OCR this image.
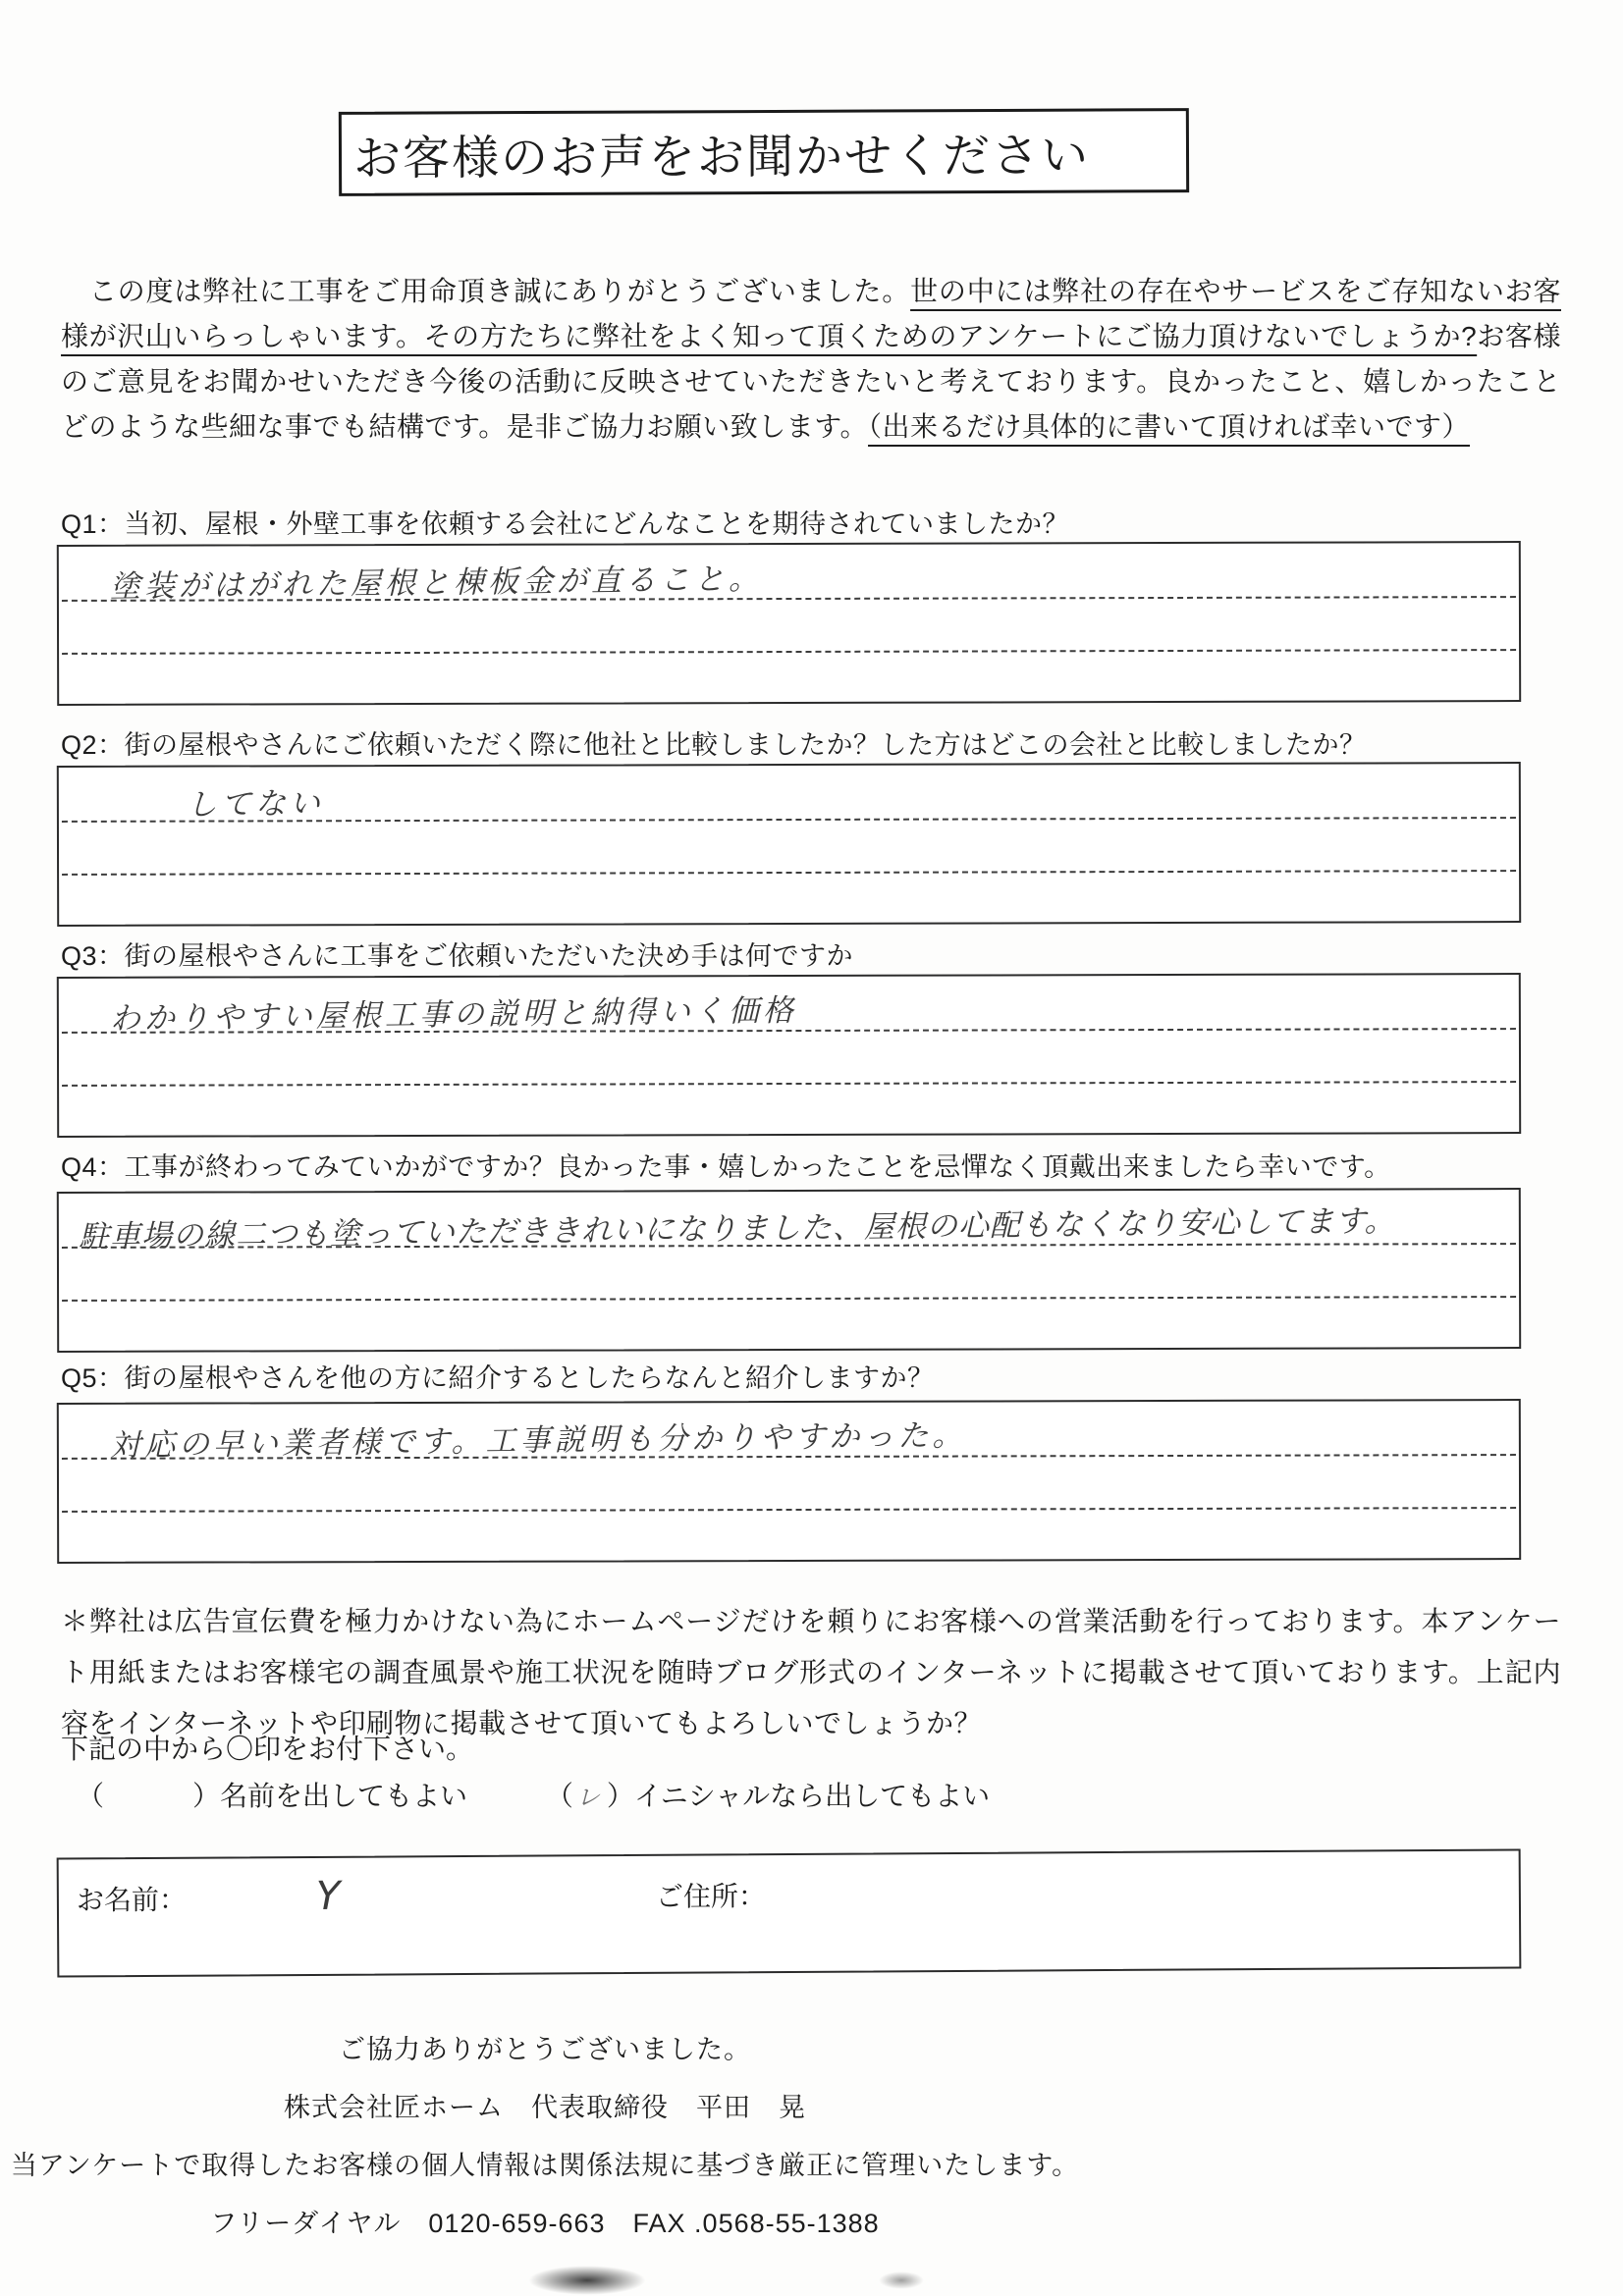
お客様のお声をお聞かせください

　この度は弊社に工事をご用命頂き誠にありがとうございました。世の中には弊社の存在やサービスをご存知ないお客様が沢山いらっしゃいます。その方たちに弊社をよく知って頂くためのアンケートにご協力頂けないでしょうか?お客様のご意見をお聞かせいただき今後の活動に反映させていただきたいと考えております。良かったこと、嬉しかったことどのような些細な事でも結構です。是非ご協力お願い致します。（出来るだけ具体的に書いて頂ければ幸いです）

Q1：当初、屋根・外壁工事を依頼する会社にどんなことを期待されていましたか？
塗装がはがれた屋根と棟板金が直ること。
Q2：街の屋根やさんにご依頼いただく際に他社と比較しましたか？した方はどこの会社と比較しましたか？
してない
Q3：街の屋根やさんに工事をご依頼いただいた決め手は何ですか
わかりやすい屋根工事の説明と納得いく価格
Q4：工事が終わってみていかがですか？良かった事・嬉しかったことを忌憚なく頂戴出来ましたら幸いです。
駐車場の線二つも塗っていただききれいになりました、屋根の心配もなくなり安心してます。
Q5：街の屋根やさんを他の方に紹介するとしたらなんと紹介しますか？
対応の早い業者様です。工事説明も分かりやすかった。

＊弊社は広告宣伝費を極力かけない為にホームページだけを頼りにお客様への営業活動を行っております。本アンケート用紙またはお客様宅の調査風景や施工状況を随時ブログ形式のインターネットに掲載させて頂いております。上記内容をインターネットや印刷物に掲載させて頂いてもよろしいでしょうか？

下記の中から〇印をお付下さい。
（　　）名前を出してもよい	（ レ ）イニシャルなら出してもよい
お名前：	Y	ご住所：
ご協力ありがとうございました。
株式会社匠ホーム　代表取締役　平田　晃
当アンケートで取得したお客様の個人情報は関係法規に基づき厳正に管理いたします。
フリーダイヤル　0120-659-663　FAX .0568-55-1388
